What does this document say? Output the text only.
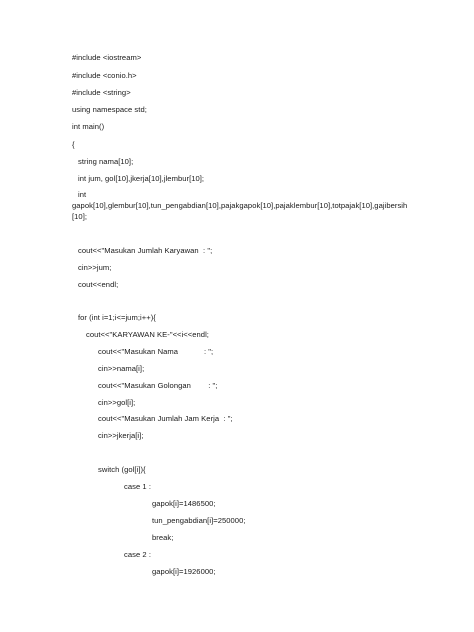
#include <iostream>
#include <conio.h>
#include <string>
using namespace std;
int main()
{
string nama[10];
int jum, gol[10],jkerja[10],jlembur[10];
int
gapok[10],glembur[10],tun_pengabdian[10],pajakgapok[10],pajaklembur[10],totpajak[10],gajibersih
[10];
cout<<"Masukan Jumlah Karyawan  : ";
cin>>jum;
cout<<endl;
for (int i=1;i<=jum;i++){
cout<<"KARYAWAN KE-"<<i<<endl;
cout<<"Masukan Nama            : ";
cin>>nama[i];
cout<<"Masukan Golongan        : ";
cin>>gol[i];
cout<<"Masukan Jumlah Jam Kerja  : ";
cin>>jkerja[i];
switch (gol[i]){
case 1 :
gapok[i]=1486500;
tun_pengabdian[i]=250000;
break;
case 2 :
gapok[i]=1926000;
